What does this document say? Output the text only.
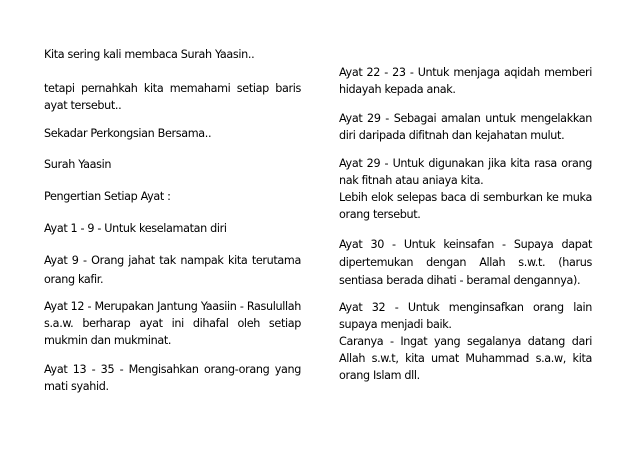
Kita sering kali membaca Surah Yaasin..

tetapi pernahkah kita memahami setiap baris ayat tersebut..

Sekadar Perkongsian Bersama..

Surah Yaasin

Pengertian Setiap Ayat :

Ayat 1 - 9 - Untuk keselamatan diri

Ayat 9 - Orang jahat tak nampak kita terutama orang kafir.

Ayat 12 - Merupakan Jantung Yaasiin - Rasulullah s.a.w. berharap ayat ini dihafal oleh setiap mukmin dan mukminat.

Ayat 13 - 35 - Mengisahkan orang-orang yang mati syahid.

Ayat 22 - 23 - Untuk menjaga aqidah memberi hidayah kepada anak.

Ayat 29 - Sebagai amalan untuk mengelakkan diri daripada difitnah dan kejahatan mulut.

Ayat 29 - Untuk digunakan jika kita rasa orang nak fitnah atau aniaya kita.

Lebih elok selepas baca di semburkan ke muka orang tersebut.

Ayat 30 - Untuk keinsafan - Supaya dapat dipertemukan dengan Allah s.w.t. (harus sentiasa berada dihati - beramal dengannya).

Ayat 32 - Untuk menginsafkan orang lain supaya menjadi baik.

Caranya - Ingat yang segalanya datang dari Allah s.w.t, kita umat Muhammad s.a.w, kita orang Islam dll.
